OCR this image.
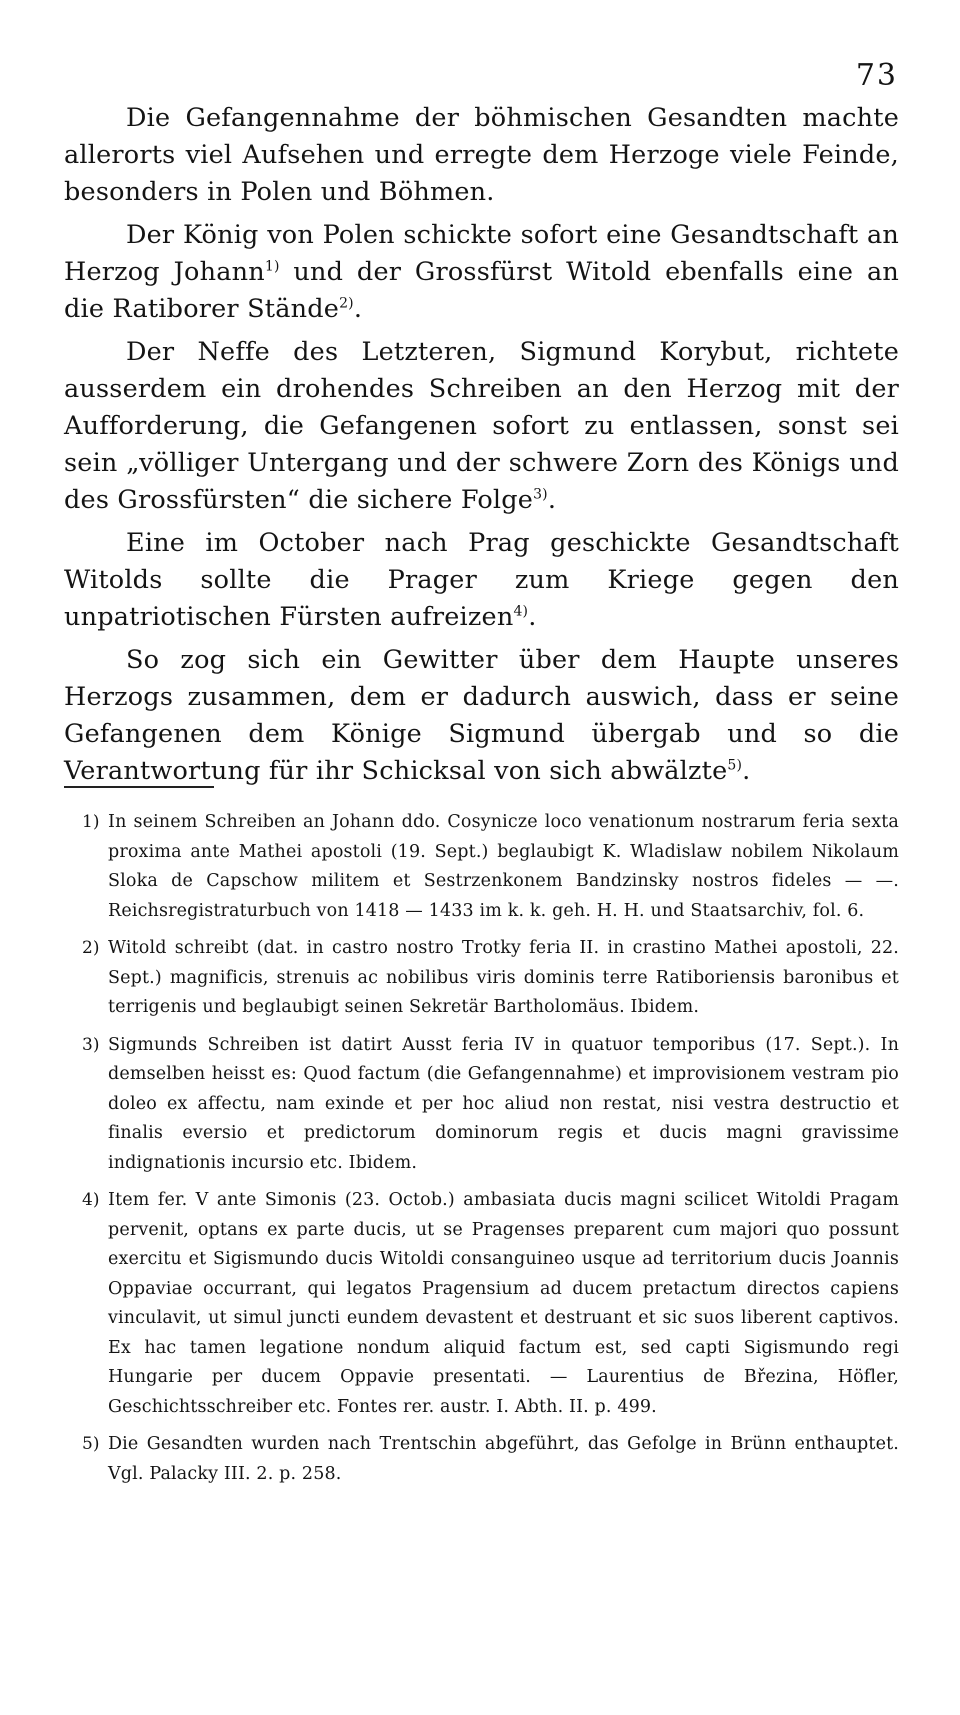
73

Die Gefangennahme der böhmischen Gesandten machte allerorts viel Aufsehen und erregte dem Herzoge viele Feinde, besonders in Polen und Böhmen.

Der König von Polen schickte sofort eine Gesandtschaft an Herzog Johann$^{1)}$ und der Grossfürst Witold ebenfalls eine an die Ratiborer Stände$^{2)}$.

Der Neffe des Letzteren, Sigmund Korybut, richtete ausserdem ein drohendes Schreiben an den Herzog mit der Aufforderung, die Gefangenen sofort zu entlassen, sonst sei sein „völliger Untergang und der schwere Zorn des Königs und des Grossfürsten“ die sichere Folge$^{3)}$.

Eine im October nach Prag geschickte Gesandtschaft Witolds sollte die Prager zum Kriege gegen den unpatriotischen Fürsten aufreizen$^{4)}$.

So zog sich ein Gewitter über dem Haupte unseres Herzogs zusammen, dem er dadurch auswich, dass er seine Gefangenen dem Könige Sigmund übergab und so die Verantwortung für ihr Schicksal von sich abwälzte$^{5)}$.

1) In seinem Schreiben an Johann ddo. Cosynicze loco venationum nostrarum feria sexta proxima ante Mathei apostoli (19. Sept.) beglaubigt K. Wladislaw nobilem Nikolaum Sloka de Capschow militem et Sestrzenkonem Bandzinsky nostros fideles — —. Reichsregistraturbuch von 1418 — 1433 im k. k. geh. H. H. und Staatsarchiv, fol. 6.
2) Witold schreibt (dat. in castro nostro Trotky feria II. in crastino Mathei apostoli, 22. Sept.) magnificis, strenuis ac nobilibus viris dominis terre Ratiboriensis baronibus et terrigenis und beglaubigt seinen Sekretär Bartholomäus. Ibidem.
3) Sigmunds Schreiben ist datirt Ausst feria IV in quatuor temporibus (17. Sept.). In demselben heisst es: Quod factum (die Gefangennahme) et improvisionem vestram pio doleo ex affectu, nam exinde et per hoc aliud non restat, nisi vestra destructio et finalis eversio et predictorum dominorum regis et ducis magni gravissime indignationis incursio etc. Ibidem.
4) Item fer. V ante Simonis (23. Octob.) ambasiata ducis magni scilicet Witoldi Pragam pervenit, optans ex parte ducis, ut se Pragenses preparent cum majori quo possunt exercitu et Sigismundo ducis Witoldi consanguineo usque ad territorium ducis Joannis Oppaviae occurrant, qui legatos Pragensium ad ducem pretactum directos capiens vinculavit, ut simul juncti eundem devastent et destruant et sic suos liberent captivos. Ex hac tamen legatione nondum aliquid factum est, sed capti Sigismundo regi Hungarie per ducem Oppavie presentati. — Laurentius de Březina, Höfler, Geschichtsschreiber etc. Fontes rer. austr. I. Abth. II. p. 499.
5) Die Gesandten wurden nach Trentschin abgeführt, das Gefolge in Brünn enthauptet. Vgl. Palacky III. 2. p. 258.
